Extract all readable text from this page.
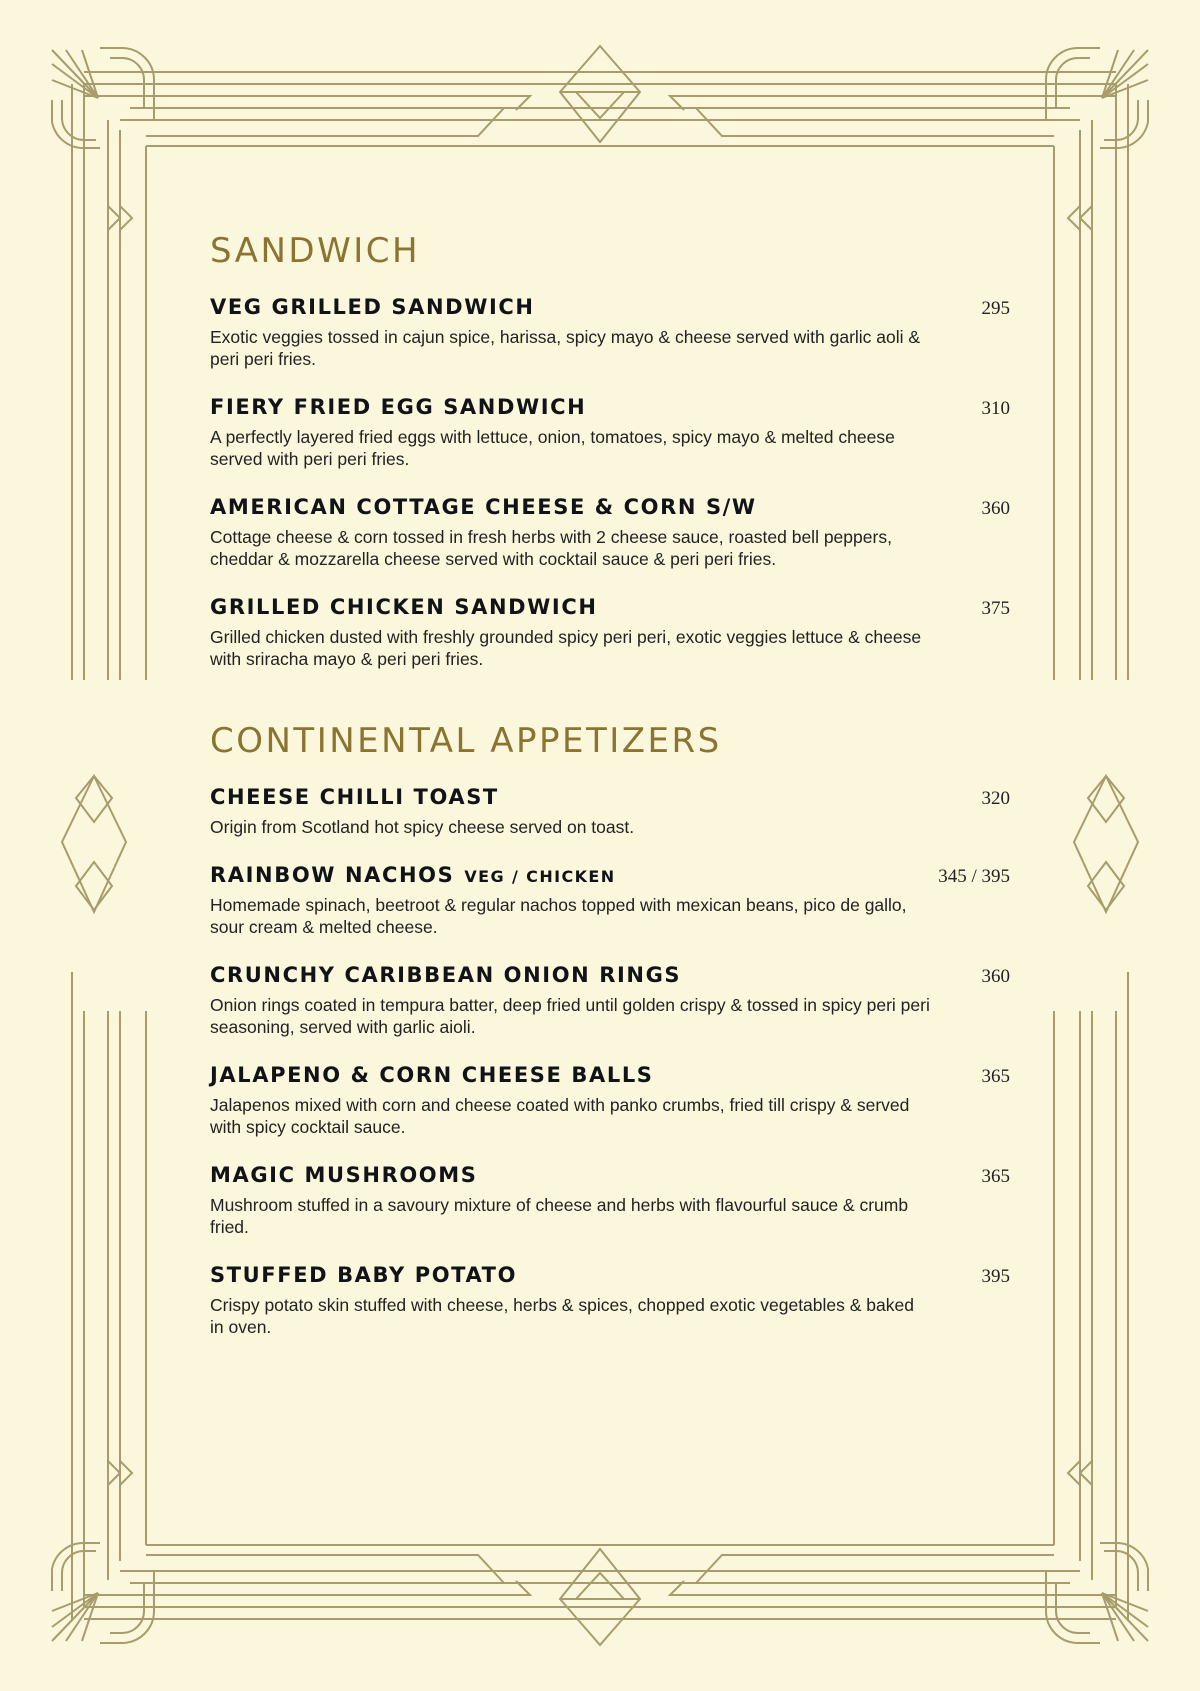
SANDWICH
VEG GRILLED SANDWICH	295

Exotic veggies tossed in cajun spice, harissa, spicy mayo & cheese served with garlic aoli & peri peri fries.

FIERY FRIED EGG SANDWICH	310

A perfectly layered fried eggs with lettuce, onion, tomatoes, spicy mayo & melted cheese served with peri peri fries.

AMERICAN COTTAGE CHEESE & CORN S/W	360

Cottage cheese & corn tossed in fresh herbs with 2 cheese sauce, roasted bell peppers, cheddar & mozzarella cheese served with cocktail sauce & peri peri fries.

GRILLED CHICKEN SANDWICH	375

Grilled chicken dusted with freshly grounded spicy peri peri, exotic veggies lettuce & cheese with sriracha mayo & peri peri fries.

CONTINENTAL APPETIZERS
CHEESE CHILLI TOAST	320

Origin from Scotland hot spicy cheese served on toast.

RAINBOW NACHOS VEG / CHICKEN	345 / 395

Homemade spinach, beetroot & regular nachos topped with mexican beans, pico de gallo, sour cream & melted cheese.

CRUNCHY CARIBBEAN ONION RINGS	360

Onion rings coated in tempura batter, deep fried until golden crispy & tossed in spicy peri peri seasoning, served with garlic aioli.

JALAPENO & CORN CHEESE BALLS	365

Jalapenos mixed with corn and cheese coated with panko crumbs, fried till crispy & served with spicy cocktail sauce.

MAGIC MUSHROOMS	365

Mushroom stuffed in a savoury mixture of cheese and herbs with flavourful sauce & crumb fried.

STUFFED BABY POTATO	395

Crispy potato skin stuffed with cheese, herbs & spices, chopped exotic vegetables & baked in oven.
